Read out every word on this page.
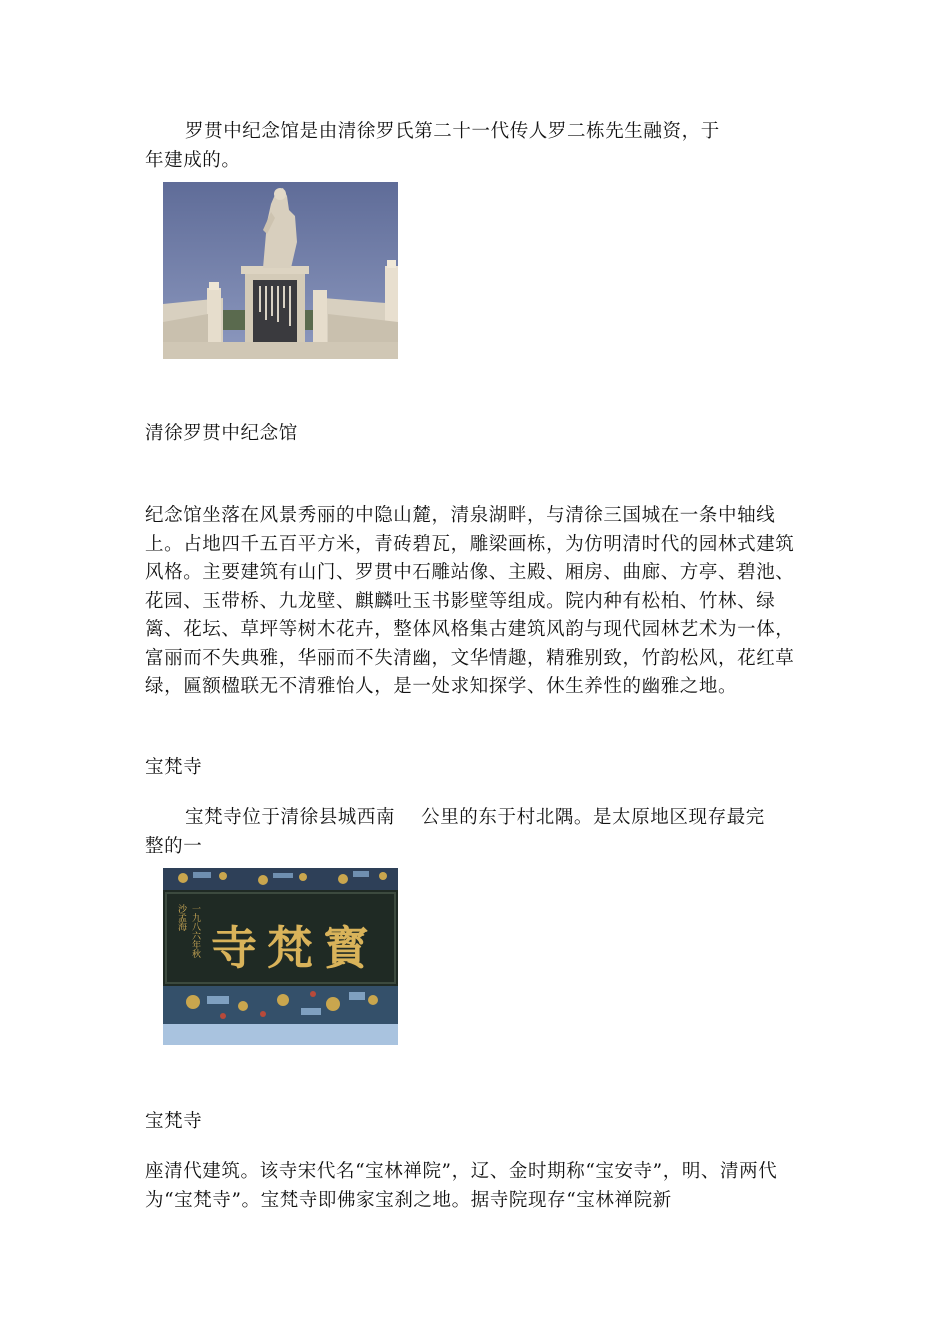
罗贯中纪念馆是由清徐罗氏第二十一代传人罗二栋先生融资，于
年建成的。

清徐罗贯中纪念馆

纪念馆坐落在风景秀丽的中隐山麓，清泉湖畔，与清徐三国城在一条中轴线上。占地四千五百平方米，青砖碧瓦，雕梁画栋，为仿明清时代的园林式建筑风格。主要建筑有山门、罗贯中石雕站像、主殿、厢房、曲廊、方亭、碧池、花园、玉带桥、九龙壁、麒麟吐玉书影壁等组成。院内种有松柏、竹林、绿篱、花坛、草坪等树木花卉，整体风格集古建筑风韵与现代园林艺术为一体，富丽而不失典雅，华丽而不失清幽，文华情趣，精雅别致，竹韵松风，花红草绿，匾额楹联无不清雅怡人，是一处求知探学、休生养性的幽雅之地。

宝梵寺

宝梵寺位于清徐县城西南 公里的东于村北隅。是太原地区现存最完
整的一

沙孟海 一九八六年秋 寺梵寳

宝梵寺

座清代建筑。该寺宋代名“宝林禅院”，辽、金时期称“宝安寺”，明、清两代为“宝梵寺”。宝梵寺即佛家宝刹之地。据寺院现存“宝林禅院新
